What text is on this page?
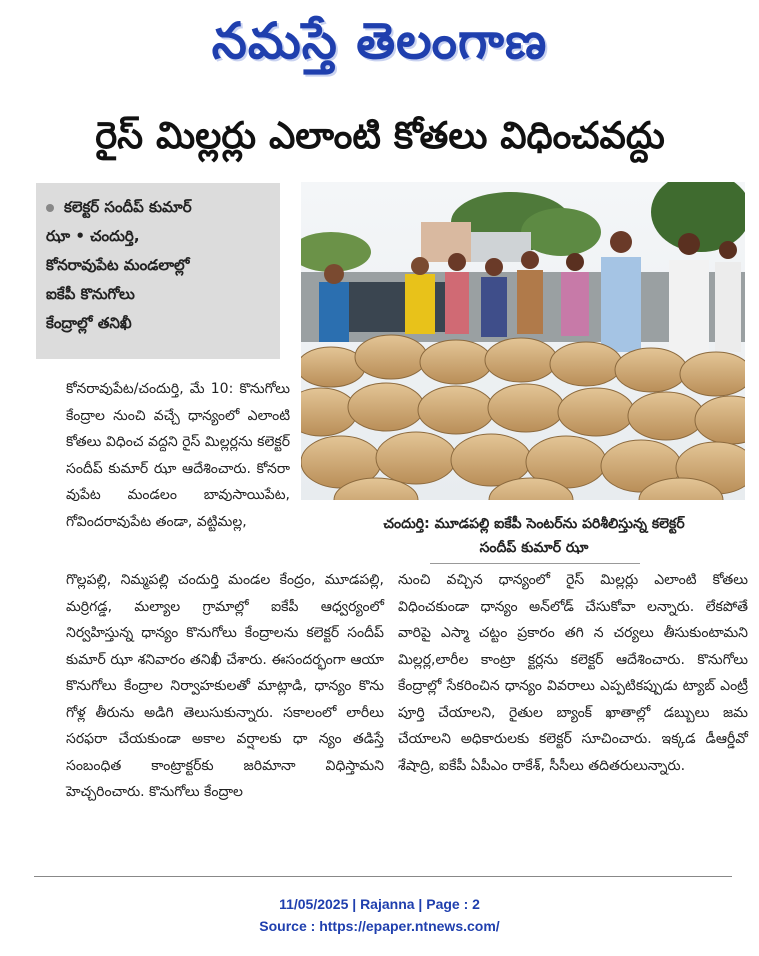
నమస్తే తెలంగాణ
రైస్ మిల్లర్లు ఎలాంటి కోతలు విధించవద్దు

కలెక్టర్ సందీప్ కుమార్

ఝా • చందుర్తి,

కోనరావుపేట మండలాల్లో

ఐకేపీ కొనుగోలు

కేంద్రాల్లో తనిఖీ

చందుర్తి: మూడపల్లి ఐకేపీ సెంటర్‌ను పరిశీలిస్తున్న కలెక్టర్
సందీప్ కుమార్ ఝా

కోనరావుపేట/చందుర్తి, మే 10: కొనుగోలు కేంద్రాల నుంచి వచ్చే ధాన్యంలో ఎలాంటి కోతలు విధించ వద్దని రైస్ మిల్లర్లను కలెక్టర్ సందీప్ కుమార్ ఝా ఆదేశించారు. కోనరా వుపేట మండలం బావుసాయిపేట, గోవిందరావుపేట తండా, వట్టిమల్ల,

గొల్లపల్లి, నిమ్మపల్లి చందుర్తి మండల కేంద్రం, మూడపల్లి, మర్రిగడ్డ, మల్యాల గ్రామాల్లో ఐకేపీ ఆధ్వర్యంలో నిర్వహిస్తున్న ధాన్యం కొనుగోలు కేంద్రాలను కలెక్టర్ సందీప్ కుమార్ ఝా శనివారం తనిఖీ చేశారు. ఈసందర్భంగా ఆయా కొనుగోలు కేంద్రాల నిర్వాహకులతో మాట్లాడి, ధాన్యం కొను గోళ్ల తీరును అడిగి తెలుసుకున్నారు. సకాలంలో లారీలు సరఫరా చేయకుండా అకాల వర్షాలకు ధా న్యం తడిస్తే సంబంధిత కాంట్రాక్టర్‌కు జరిమానా విధిస్తామని హెచ్చరించారు. కొనుగోలు కేంద్రాల

నుంచి వచ్చిన ధాన్యంలో రైస్ మిల్లర్లు ఎలాంటి కోతలు విధించకుండా ధాన్యం అన్‌లోడ్ చేసుకోవా లన్నారు. లేకపోతే వారిపై ఎస్మా చట్టం ప్రకారం తగి న చర్యలు తీసుకుంటామని మిల్లర్ల,లారీల కాంట్రా క్టర్లను కలెక్టర్ ఆదేశించారు. కొనుగోలు కేంద్రాల్లో సేకరించిన ధాన్యం వివరాలు ఎప్పటికప్పుడు ట్యాబ్ ఎంట్రీ పూర్తి చేయాలని, రైతుల బ్యాంక్ ఖాతాల్లో డబ్బులు జమ చేయాలని అధికారులకు కలెక్టర్ సూచించారు. ఇక్కడ డీఆర్డీవో శేషాద్రి, ఐకేపీ ఏపీఎం రాకేశ్, సీసీలు తదితరులున్నారు.

11/05/2025 | Rajanna | Page : 2
Source : https://epaper.ntnews.com/
